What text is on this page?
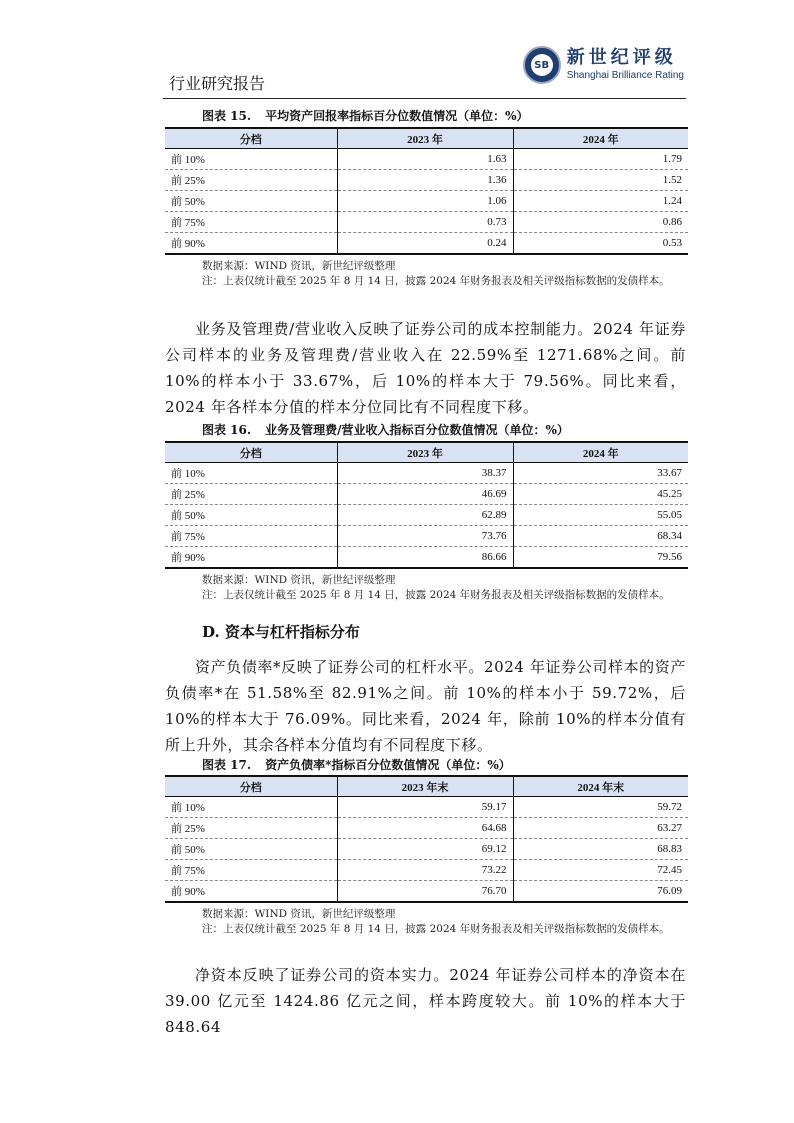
行业研究报告
SB 新世纪评级
Shanghai Brilliance Rating
图表 15. 平均资产回报率指标百分位数值情况（单位：%）
分档	2023 年	2024 年
前 10%	1.63	1.79
前 25%	1.36	1.52
前 50%	1.06	1.24
前 75%	0.73	0.86
前 90%	0.24	0.53
数据来源：WIND 资讯，新世纪评级整理
注：上表仅统计截至 2025 年 8 月 14 日，披露 2024 年财务报表及相关评级指标数据的发债样本。
业务及管理费/营业收入反映了证券公司的成本控制能力。2024 年证券公司样本的业务及管理费/营业收入在 22.59%至 1271.68%之间。前 10%的样本小于 33.67%，后 10%的样本大于 79.56%。同比来看，2024 年各样本分值的样本分位同比有不同程度下移。
图表 16. 业务及管理费/营业收入指标百分位数值情况（单位：%）
分档	2023 年	2024 年
前 10%	38.37	33.67
前 25%	46.69	45.25
前 50%	62.89	55.05
前 75%	73.76	68.34
前 90%	86.66	79.56
数据来源：WIND 资讯，新世纪评级整理
注：上表仅统计截至 2025 年 8 月 14 日，披露 2024 年财务报表及相关评级指标数据的发债样本。
D. 资本与杠杆指标分布
资产负债率*反映了证券公司的杠杆水平。2024 年证券公司样本的资产负债率*在 51.58%至 82.91%之间。前 10%的样本小于 59.72%，后 10%的样本大于 76.09%。同比来看，2024 年，除前 10%的样本分值有所上升外，其余各样本分值均有不同程度下移。
图表 17. 资产负债率*指标百分位数值情况（单位：%）
分档	2023 年末	2024 年末
前 10%	59.17	59.72
前 25%	64.68	63.27
前 50%	69.12	68.83
前 75%	73.22	72.45
前 90%	76.70	76.09
数据来源：WIND 资讯，新世纪评级整理
注：上表仅统计截至 2025 年 8 月 14 日，披露 2024 年财务报表及相关评级指标数据的发债样本。
净资本反映了证券公司的资本实力。2024 年证券公司样本的净资本在 39.00 亿元至 1424.86 亿元之间，样本跨度较大。前 10%的样本大于 848.64
